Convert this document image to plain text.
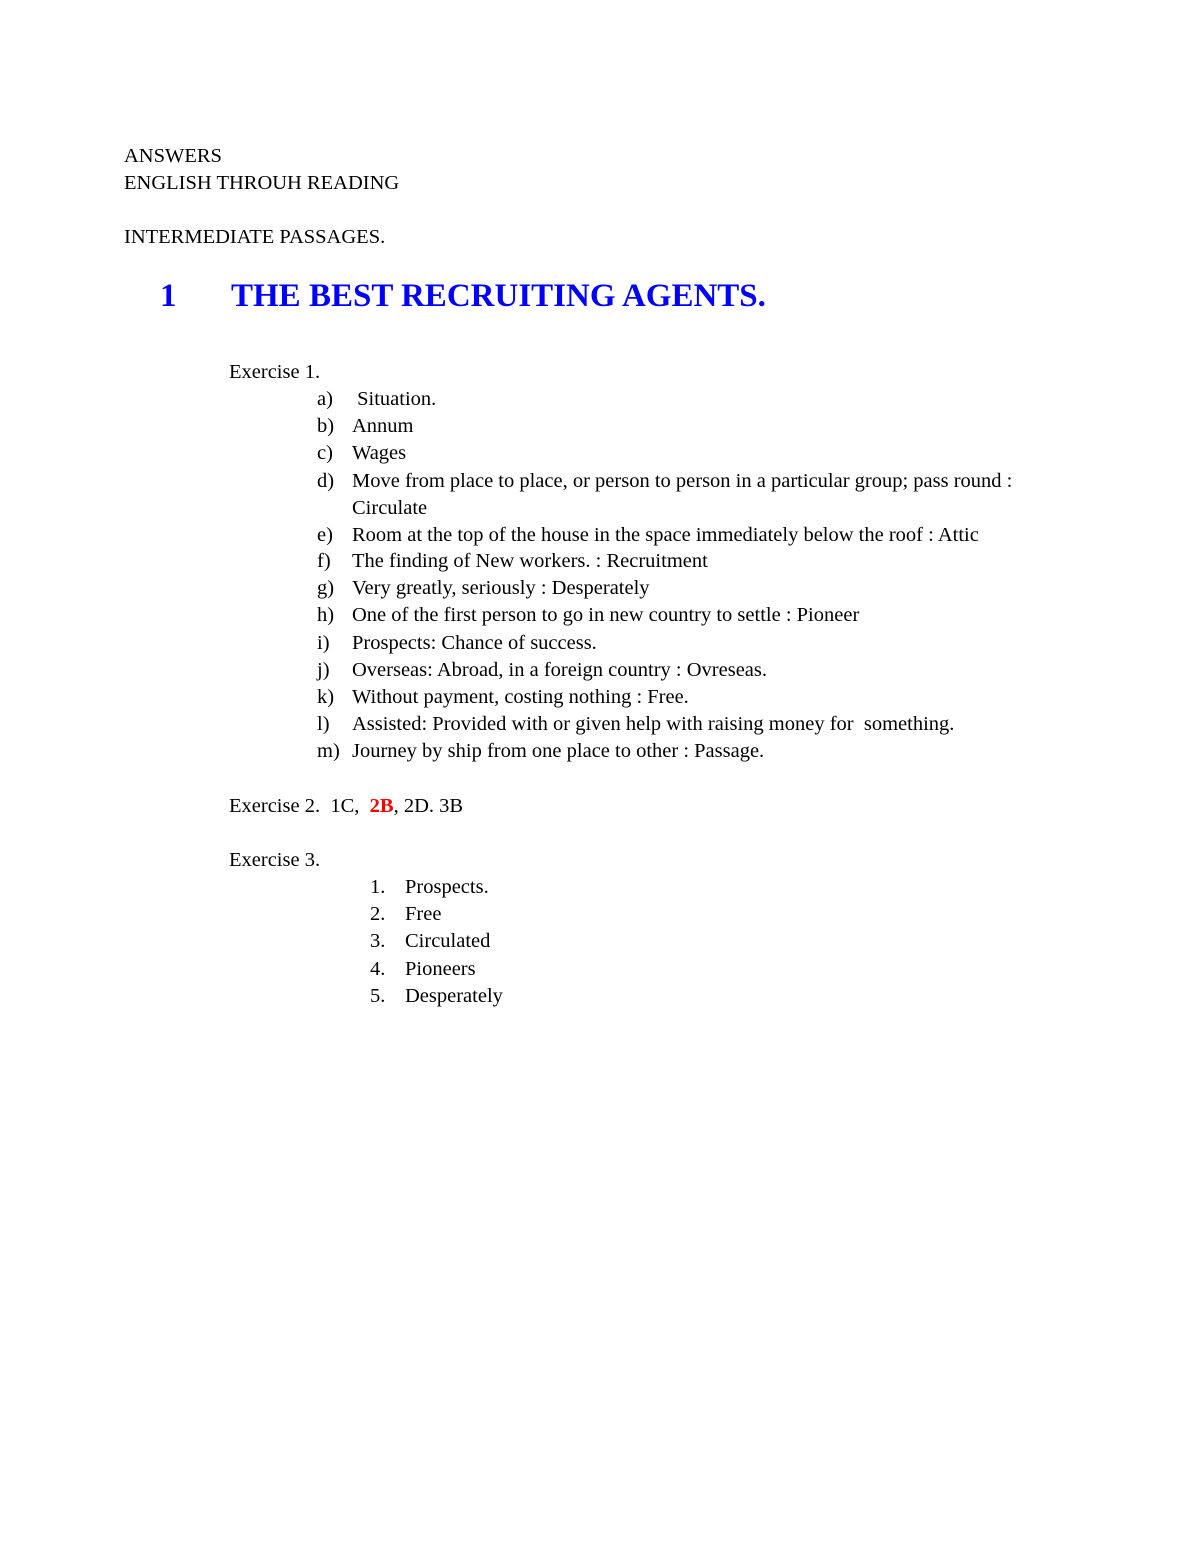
ANSWERS
ENGLISH THROUH READING
INTERMEDIATE PASSAGES.
1 THE BEST RECRUITING AGENTS.
Exercise 1.
a) Situation.
b) Annum
c) Wages
d) Move from place to place, or person to person in a particular group; pass round :
Circulate
e) Room at the top of the house in the space immediately below the roof : Attic
f) The finding of New workers. : Recruitment
g) Very greatly, seriously : Desperately
h) One of the first person to go in new country to settle : Pioneer
i) Prospects: Chance of success.
j) Overseas: Abroad, in a foreign country : Ovreseas.
k) Without payment, costing nothing : Free.
l) Assisted: Provided with or given help with raising money for  something.
m) Journey by ship from one place to other : Passage.
Exercise 2.  1C,  2B, 2D. 3B
Exercise 3.
1. Prospects.
2. Free
3. Circulated
4. Pioneers
5. Desperately
